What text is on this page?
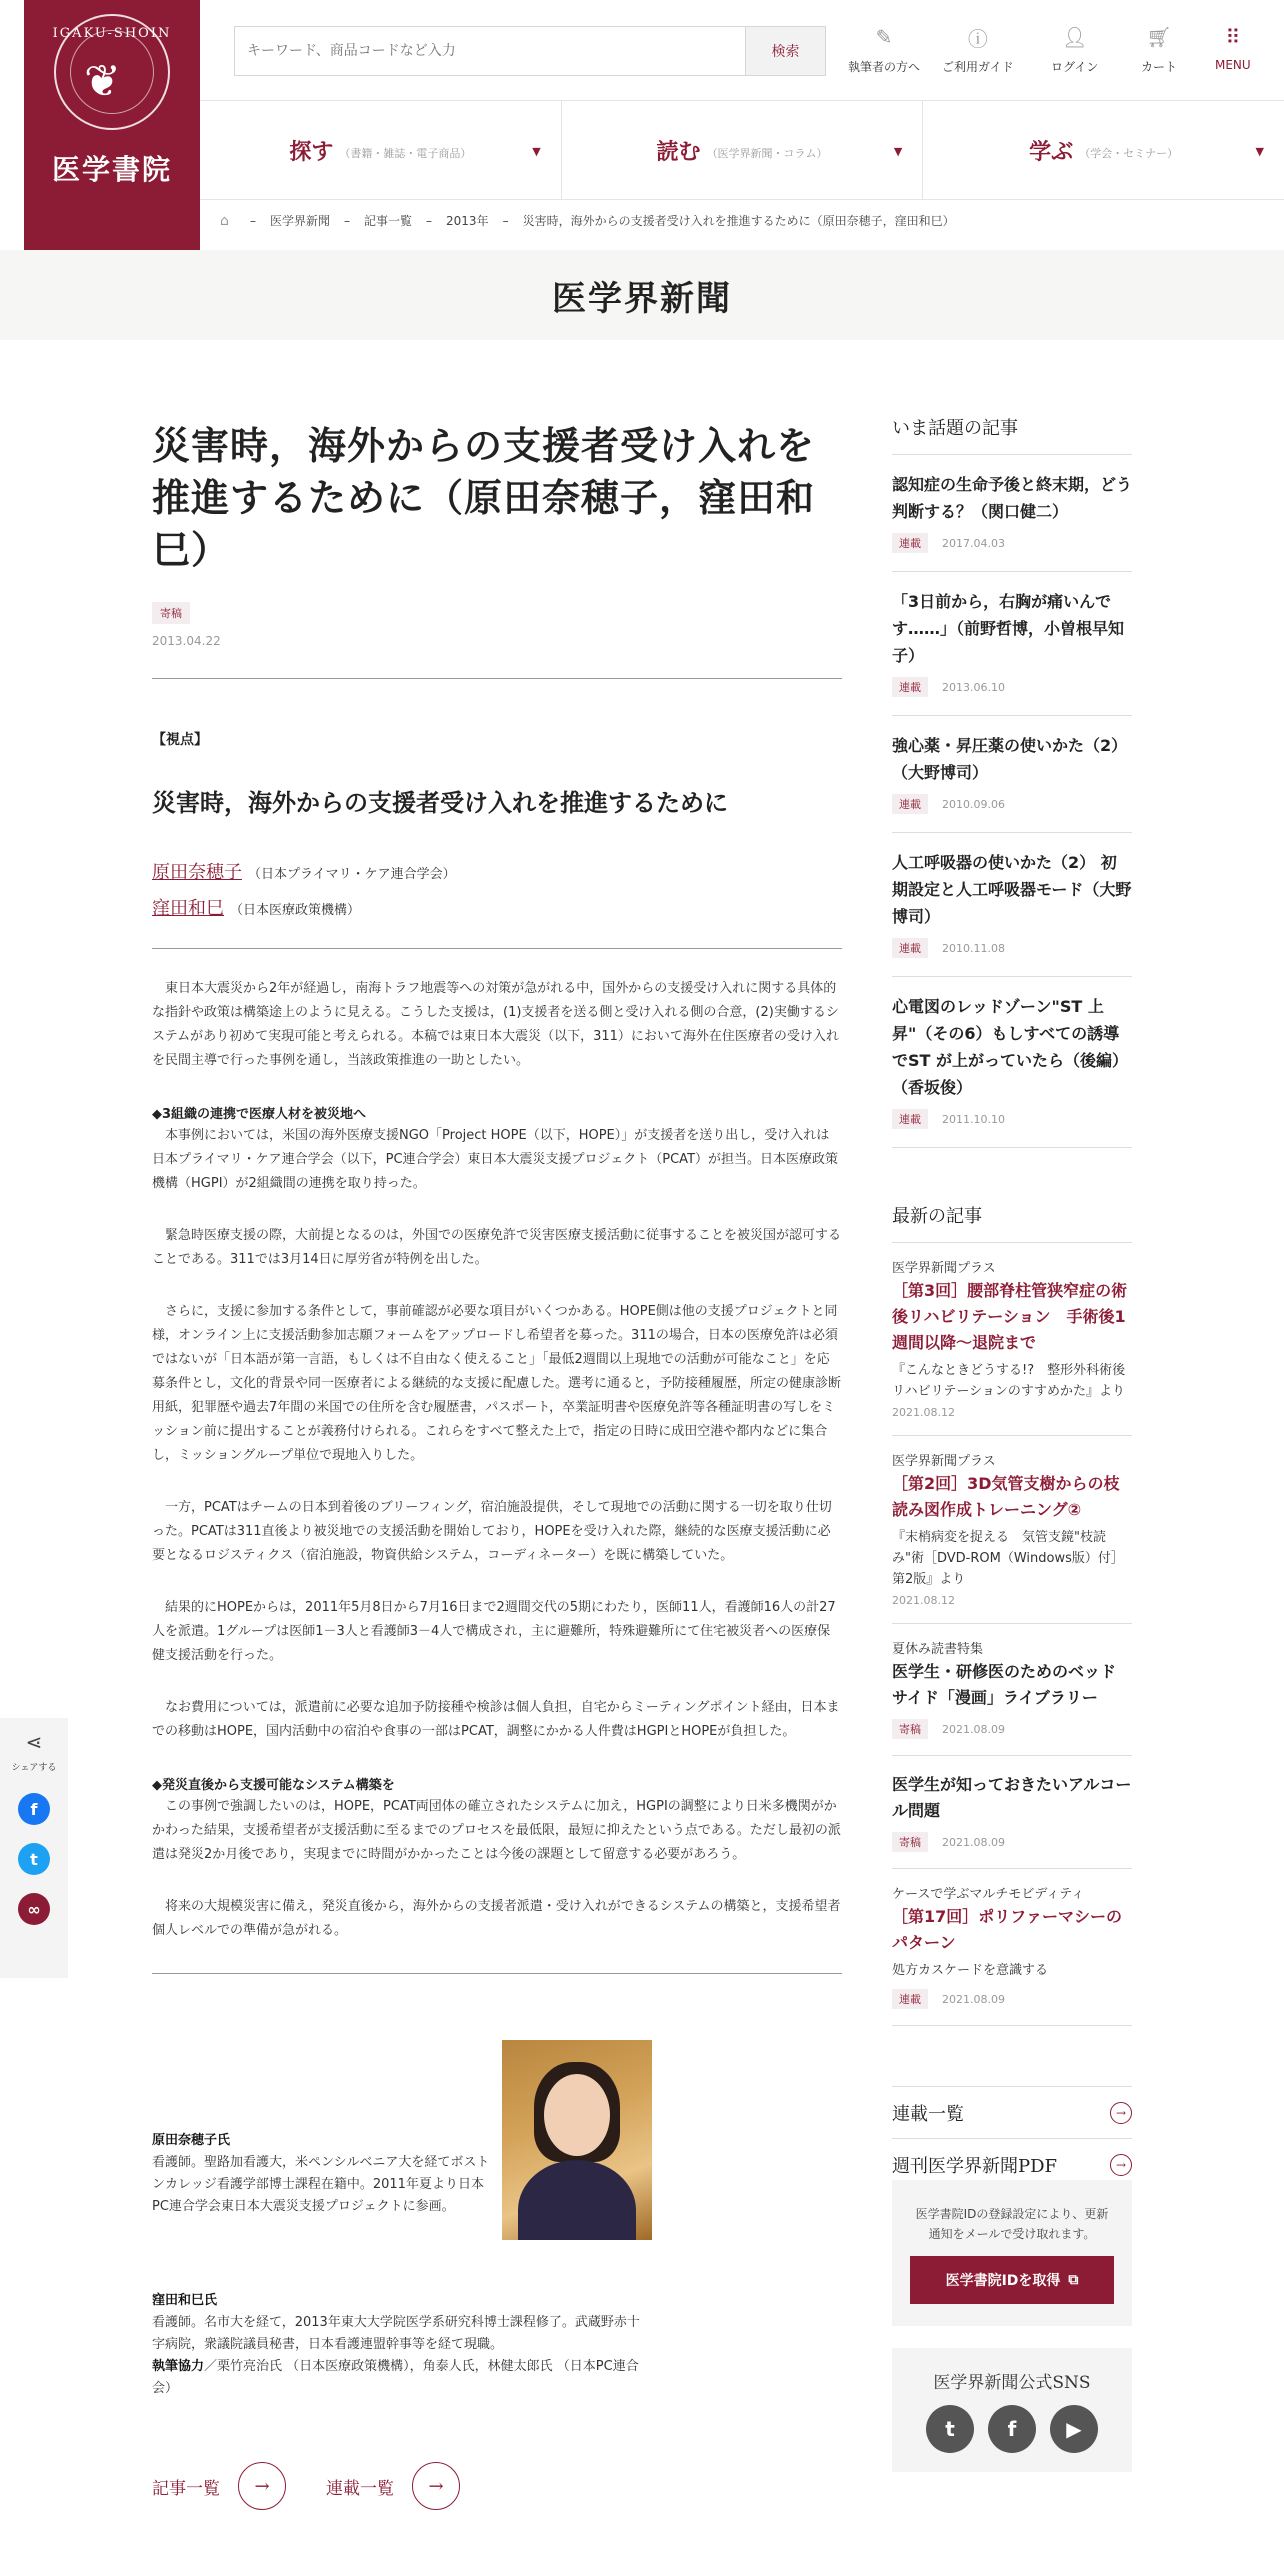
IGAKU-SHOIN
❦
医学書院
キーワード、商品コードなど入力
検索
✎
執筆者の方へ
ⓘ
ご利用ガイド
👤︎
ログイン
🛒︎
カート
⠿
MENU
探す （書籍・雑誌・電子商品）	▼	読む （医学界新聞・コラム）	▼	学ぶ （学会・セミナー）	▼
⌂	– 医学界新聞 – 記事一覧 – 2013年 – 災害時，海外からの支援者受け入れを推進するために（原田奈穂子，窪田和巳）
医学界新聞
災害時，海外からの支援者受け入れを推進するために（原田奈穂子，窪田和巳）
寄稿
2013.04.22
【視点】
災害時，海外からの支援者受け入れを推進するために
原田奈穂子 （日本プライマリ・ケア連合学会）
窪田和巳 （日本医療政策機構）

東日本大震災から2年が経過し，南海トラフ地震等への対策が急がれる中，国外からの支援受け入れに関する具体的な指針や政策は構築途上のように見える。こうした支援は，(1)支援者を送る側と受け入れる側の合意，(2)実働するシステムがあり初めて実現可能と考えられる。本稿では東日本大震災（以下，311）において海外在住医療者の受け入れを民間主導で行った事例を通し，当該政策推進の一助としたい。

◆3組織の連携で医療人材を被災地へ

本事例においては，米国の海外医療支援NGO「Project HOPE（以下，HOPE）」が支援者を送り出し，受け入れは日本プライマリ・ケア連合学会（以下，PC連合学会）東日本大震災支援プロジェクト（PCAT）が担当。日本医療政策機構（HGPI）が2組織間の連携を取り持った。

緊急時医療支援の際，大前提となるのは，外国での医療免許で災害医療支援活動に従事することを被災国が認可することである。311では3月14日に厚労省が特例を出した。

さらに，支援に参加する条件として，事前確認が必要な項目がいくつかある。HOPE側は他の支援プロジェクトと同様，オンライン上に支援活動参加志願フォームをアップロードし希望者を募った。311の場合，日本の医療免許は必須ではないが「日本語が第一言語，もしくは不自由なく使えること」「最低2週間以上現地での活動が可能なこと」を応募条件とし，文化的背景や同一医療者による継続的な支援に配慮した。選考に通ると，予防接種履歴，所定の健康診断用紙，犯罪歴や過去7年間の米国での住所を含む履歴書，パスポート，卒業証明書や医療免許等各種証明書の写しをミッション前に提出することが義務付けられる。これらをすべて整えた上で，指定の日時に成田空港や都内などに集合し，ミッショングループ単位で現地入りした。

一方，PCATはチームの日本到着後のブリーフィング，宿泊施設提供，そして現地での活動に関する一切を取り仕切った。PCATは311直後より被災地での支援活動を開始しており，HOPEを受け入れた際，継続的な医療支援活動に必要となるロジスティクス（宿泊施設，物資供給システム，コーディネーター）を既に構築していた。

結果的にHOPEからは，2011年5月8日から7月16日まで2週間交代の5期にわたり，医師11人，看護師16人の計27人を派遣。1グループは医師1－3人と看護師3－4人で構成され，主に避難所，特殊避難所にて住宅被災者への医療保健支援活動を行った。

なお費用については，派遣前に必要な追加予防接種や検診は個人負担，自宅からミーティングポイント経由，日本までの移動はHOPE，国内活動中の宿泊や食事の一部はPCAT，調整にかかる人件費はHGPIとHOPEが負担した。

◆発災直後から支援可能なシステム構築を

この事例で強調したいのは，HOPE，PCAT両団体の確立されたシステムに加え，HGPIの調整により日米多機関がかかわった結果，支援希望者が支援活動に至るまでのプロセスを最低限，最短に抑えたという点である。ただし最初の派遣は発災2か月後であり，実現までに時間がかかったことは今後の課題として留意する必要があろう。

将来の大規模災害に備え，発災直後から，海外からの支援者派遣・受け入れができるシステムの構築と，支援希望者個人レベルでの準備が急がれる。

原田奈穂子氏
看護師。聖路加看護大，米ペンシルベニア大を経てボストンカレッジ看護学部博士課程在籍中。2011年夏より日本PC連合学会東日本大震災支援プロジェクトに参画。
窪田和巳氏
看護師。名市大を経て，2013年東大大学院医学系研究科博士課程修了。武蔵野赤十字病院，衆議院議員秘書，日本看護連盟幹事等を経て現職。
執筆協力／栗竹亮治氏 （日本医療政策機構），角泰人氏，林健太郎氏 （日本PC連合会）
記事一覧	→	連載一覧	→
⋖
シェアする
f
t
∞
いま話題の記事
認知症の生命予後と終末期，どう判断する？（関口健二）
連載	2017.04.03
「3日前から，右胸が痛いんです……」（前野哲博，小曽根早知子）
連載	2013.06.10
強心薬・昇圧薬の使いかた（2）（大野博司）
連載	2010.09.06
人工呼吸器の使いかた（2） 初期設定と人工呼吸器モード（大野博司）
連載	2010.11.08
心電図のレッドゾーン"ST 上昇"（その6）もしすべての誘導でST が上がっていたら（後編）（香坂俊）
連載	2011.10.10
最新の記事
医学界新聞プラス
［第3回］腰部脊柱管狭窄症の術後リハビリテーション　手術後1週間以降～退院まで
『こんなときどうする!?　整形外科術後リハビリテーションのすすめかた』より
2021.08.12
医学界新聞プラス
［第2回］3D気管支樹からの枝読み図作成トレーニング②
『末梢病変を捉える　気管支鏡"枝読み"術［DVD-ROM（Windows版）付］ 第2版』より
2021.08.12
夏休み読書特集
医学生・研修医のためのベッドサイド「漫画」ライブラリー
寄稿	2021.08.09
医学生が知っておきたいアルコール問題
寄稿	2021.08.09
ケースで学ぶマルチモビディティ
［第17回］ポリファーマシーのパターン
処方カスケードを意識する
連載	2021.08.09
連載一覧	→
週刊医学界新聞PDF	→
医学書院IDの登録設定により、更新通知をメールで受け取れます。
医学書院IDを取得 ⧉
医学界新聞公式SNS
t	f	▶
